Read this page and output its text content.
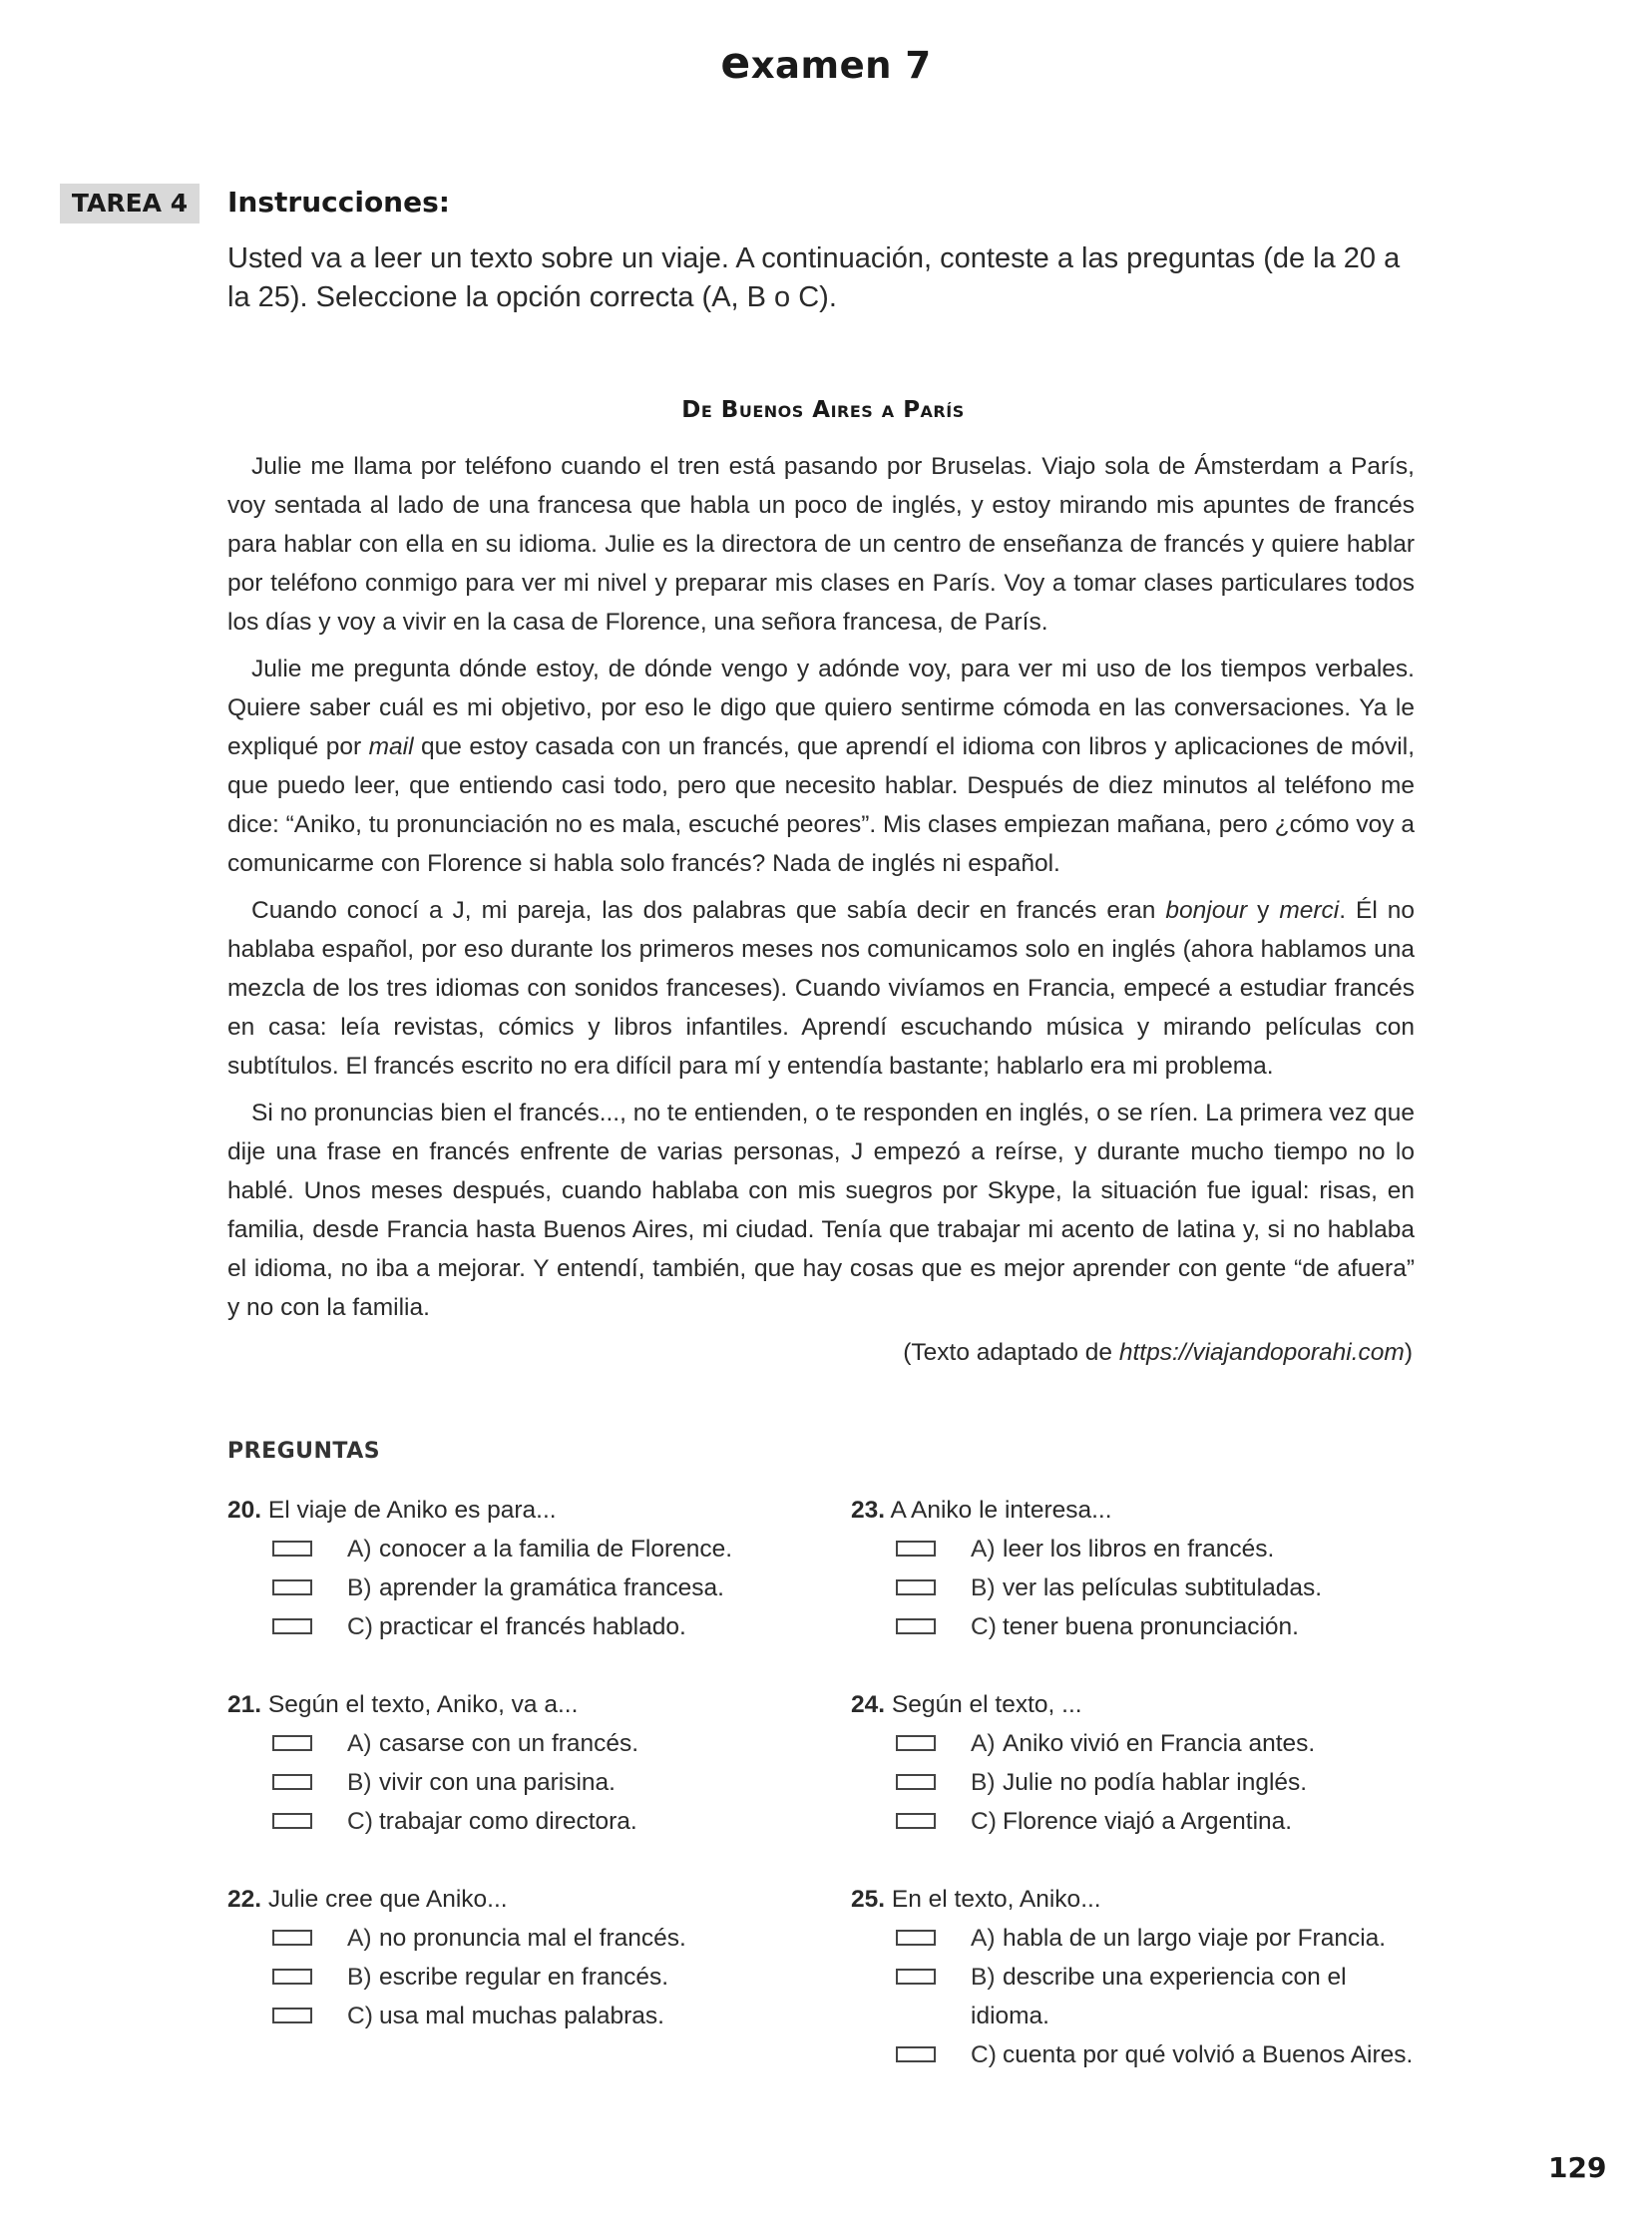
examen 7
TAREA 4	Instrucciones:
Usted va a leer un texto sobre un viaje. A continuación, conteste a las preguntas (de la 20 a la 25). Seleccione la opción correcta (A, B o C).
De Buenos Aires a París

Julie me llama por teléfono cuando el tren está pasando por Bruselas. Viajo sola de Ámsterdam a París, voy sentada al lado de una francesa que habla un poco de inglés, y estoy mirando mis apuntes de francés para hablar con ella en su idioma. Julie es la directora de un centro de enseñanza de francés y quiere hablar por teléfono conmigo para ver mi nivel y preparar mis clases en París. Voy a tomar clases particulares todos los días y voy a vivir en la casa de Florence, una señora francesa, de París.

Julie me pregunta dónde estoy, de dónde vengo y adónde voy, para ver mi uso de los tiempos verbales. Quiere saber cuál es mi objetivo, por eso le digo que quiero sentirme cómoda en las conversaciones. Ya le expliqué por mail que estoy casada con un francés, que aprendí el idioma con libros y aplicaciones de móvil, que puedo leer, que entiendo casi todo, pero que necesito hablar. Después de diez minutos al teléfono me dice: “Aniko, tu pronunciación no es mala, escuché peores”. Mis clases empiezan mañana, pero ¿cómo voy a comunicarme con Florence si habla solo francés? Nada de inglés ni español.

Cuando conocí a J, mi pareja, las dos palabras que sabía decir en francés eran bonjour y merci. Él no hablaba español, por eso durante los primeros meses nos comunicamos solo en inglés (ahora hablamos una mezcla de los tres idiomas con sonidos franceses). Cuando vivíamos en Francia, empecé a estudiar francés en casa: leía revistas, cómics y libros infantiles. Aprendí escuchando música y mirando películas con subtítulos. El francés escrito no era difícil para mí y entendía bastante; hablarlo era mi problema.

Si no pronuncias bien el francés..., no te entienden, o te responden en inglés, o se ríen. La primera vez que dije una frase en francés enfrente de varias personas, J empezó a reírse, y durante mucho tiempo no lo hablé. Unos meses después, cuando hablaba con mis suegros por Skype, la situación fue igual: risas, en familia, desde Francia hasta Buenos Aires, mi ciudad. Tenía que trabajar mi acento de latina y, si no hablaba el idioma, no iba a mejorar. Y entendí, también, que hay cosas que es mejor aprender con gente “de afuera” y no con la familia.

(Texto adaptado de https://viajandoporahi.com)
PREGUNTAS
20. El viaje de Aniko es para...
A) conocer a la familia de Florence.
B) aprender la gramática francesa.
C) practicar el francés hablado.
21. Según el texto, Aniko, va a...
A) casarse con un francés.
B) vivir con una parisina.
C) trabajar como directora.
22. Julie cree que Aniko...
A) no pronuncia mal el francés.
B) escribe regular en francés.
C) usa mal muchas palabras.
23. A Aniko le interesa...
A) leer los libros en francés.
B) ver las películas subtituladas.
C) tener buena pronunciación.
24. Según el texto, ...
A) Aniko vivió en Francia antes.
B) Julie no podía hablar inglés.
C) Florence viajó a Argentina.
25. En el texto, Aniko...
A) habla de un largo viaje por Francia.
B) describe una experiencia con el idioma.
C) cuenta por qué volvió a Buenos Aires.
129
